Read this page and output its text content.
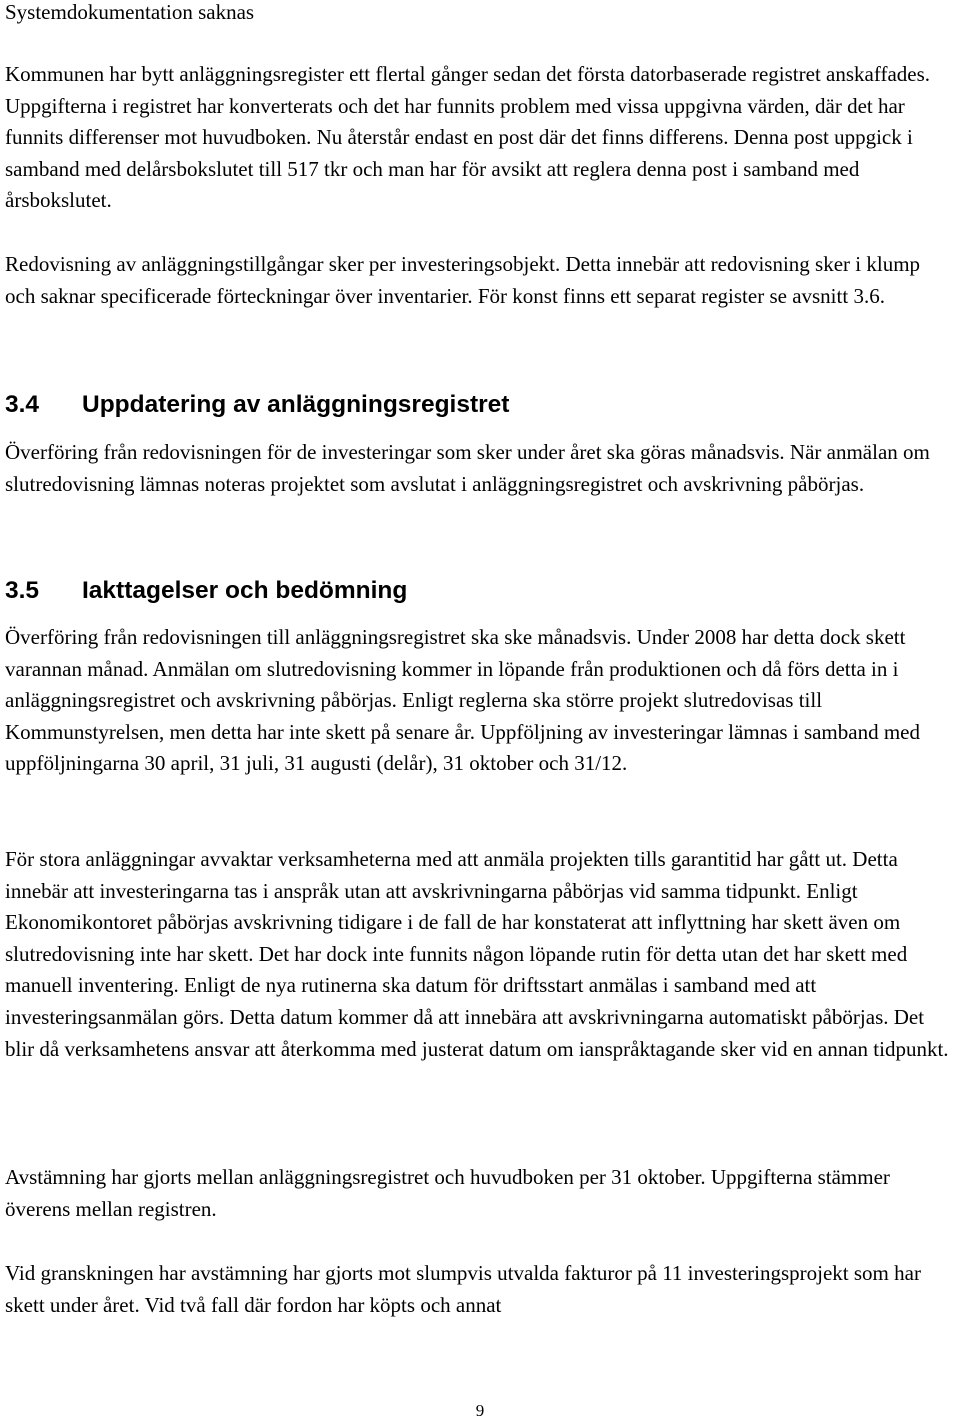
Systemdokumentation saknas

Kommunen har bytt anläggningsregister ett flertal gånger sedan det första datorbaserade registret anskaffades. Uppgifterna i registret har konverterats och det har funnits problem med vissa uppgivna värden, där det har funnits differenser mot huvudboken. Nu återstår endast en post där det finns differens. Denna post uppgick i samband med delårsbokslutet till 517 tkr och man har för avsikt att reglera denna post i samband med årsbokslutet.

Redovisning av anläggningstillgångar sker per investeringsobjekt. Detta innebär att redovisning sker i klump och saknar specificerade förteckningar över inventarier. För konst finns ett separat register se avsnitt 3.6.

3.4 Uppdatering av anläggningsregistret

Överföring från redovisningen för de investeringar som sker under året ska göras månadsvis. När anmälan om slutredovisning lämnas noteras projektet som avslutat i anläggningsregistret och avskrivning påbörjas.

3.5 Iakttagelser och bedömning

Överföring från redovisningen till anläggningsregistret ska ske månadsvis. Under 2008 har detta dock skett varannan månad. Anmälan om slutredovisning kommer in löpande från produktionen och då förs detta in i anläggningsregistret och avskrivning påbörjas. Enligt reglerna ska större projekt slutredovisas till Kommunstyrelsen, men detta har inte skett på senare år. Uppföljning av investeringar lämnas i samband med uppföljningarna 30 april, 31 juli, 31 augusti (delår), 31 oktober och 31/12.

För stora anläggningar avvaktar verksamheterna med att anmäla projekten tills garantitid har gått ut. Detta innebär att investeringarna tas i anspråk utan att avskrivningarna påbörjas vid samma tidpunkt. Enligt Ekonomikontoret påbörjas avskrivning tidigare i de fall de har konstaterat att inflyttning har skett även om slutredovisning inte har skett. Det har dock inte funnits någon löpande rutin för detta utan det har skett med manuell inventering. Enligt de nya rutinerna ska datum för driftsstart anmälas i samband med att investeringsanmälan görs. Detta datum kommer då att innebära att avskrivningarna automatiskt påbörjas. Det blir då verksamhetens ansvar att återkomma med justerat datum om ianspråktagande sker vid en annan tidpunkt.

Avstämning har gjorts mellan anläggningsregistret och huvudboken per 31 oktober. Uppgifterna stämmer överens mellan registren.

Vid granskningen har avstämning har gjorts mot slumpvis utvalda fakturor på 11 investeringsprojekt som har skett under året. Vid två fall där fordon har köpts och annat

9
